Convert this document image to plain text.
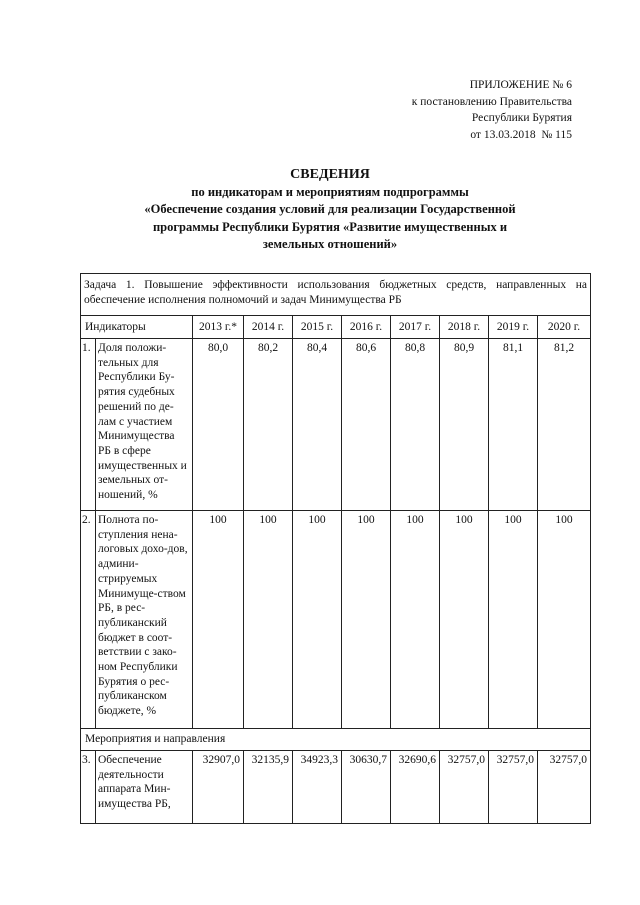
ПРИЛОЖЕНИЕ № 6
к постановлению Правительства
Республики Бурятия
от 13.03.2018  № 115
СВЕДЕНИЯ
по индикаторам и мероприятиям подпрограммы
«Обеспечение создания условий для реализации Государственной
программы Республики Бурятия «Развитие имущественных и
земельных отношений»
Задача 1. Повышение эффективности использования бюджетных средств, направленных на обеспечение исполнения полномочий и задач Минимущества РБ									
Индикаторы		2013 г.*	2014 г.	2015 г.	2016 г.	2017 г.	2018 г.	2019 г.	2020 г.
1.	Доля положи-тельных для Республики Бу-рятия судебных решений по де-лам с участием Минимущества РБ в сфере имущественных и земельных от-ношений, %	80,0	80,2	80,4	80,6	80,8	80,9	81,1	81,2
2.	Полнота по-ступления нена-логовых дохо-дов, админи-стрируемых Минимуще-ством РБ, в рес-публиканский бюджет в соот-ветствии с зако-ном Республики Бурятия о рес-публиканском бюджете, %	100	100	100	100	100	100	100	100
Мероприятия и направления									
3.	Обеспечение деятельности аппарата Мин-имущества РБ,	32907,0	32135,9	34923,3	30630,7	32690,6	32757,0	32757,0	32757,0
